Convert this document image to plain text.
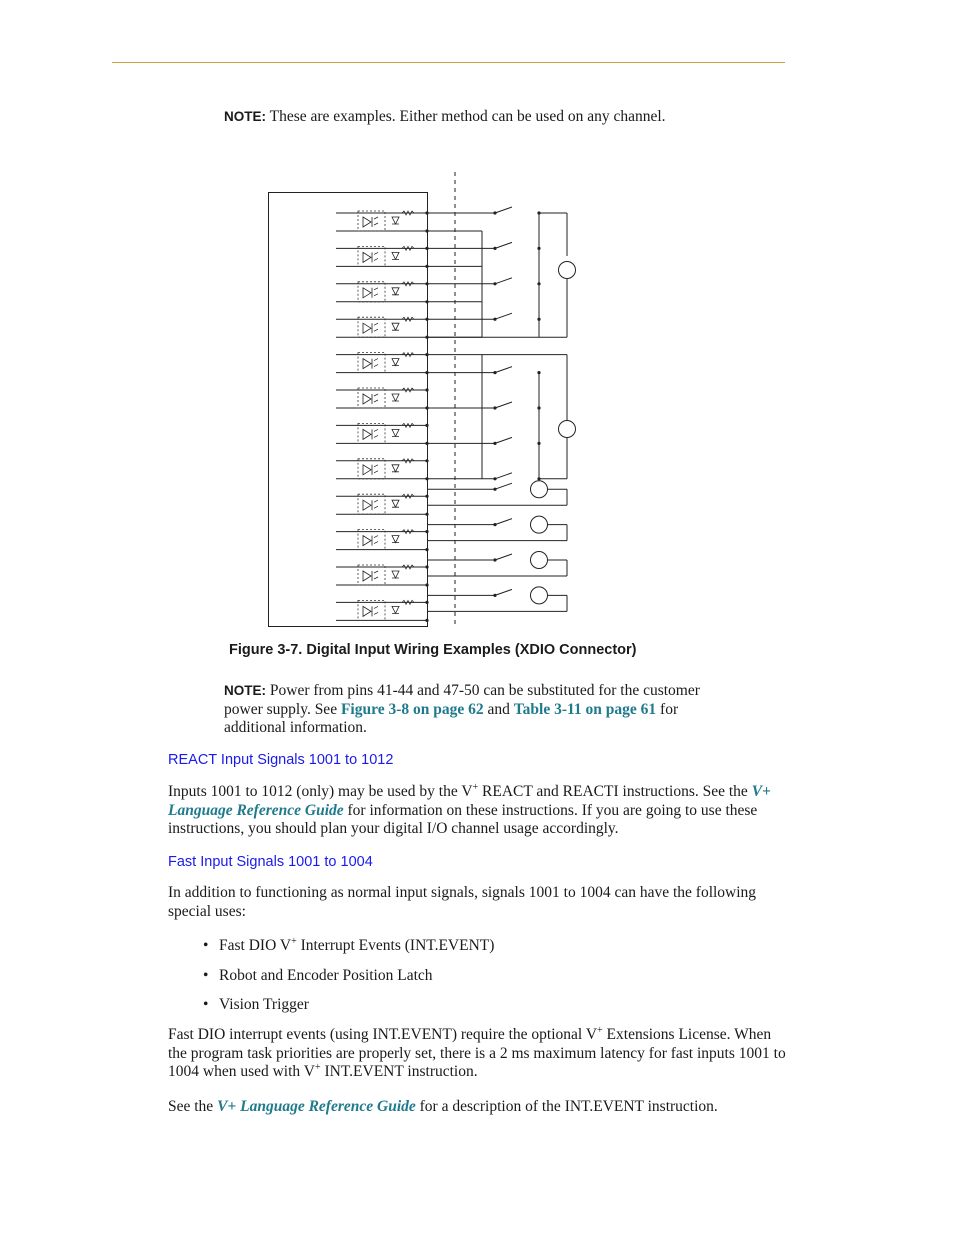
NOTE: These are examples. Either method can be used on any channel.
Figure 3-7. Digital Input Wiring Examples (XDIO Connector)
NOTE: Power from pins 41-44 and 47-50 can be substituted for the customer power supply. See Figure 3-8 on page 62 and Table 3-11 on page 61 for additional information.
REACT Input Signals 1001 to 1012
Inputs 1001 to 1012 (only) may be used by the V+ REACT and REACTI instructions. See the V+ Language Reference Guide for information on these instructions. If you are going to use these instructions, you should plan your digital I/O channel usage accordingly.
Fast Input Signals 1001 to 1004
In addition to functioning as normal input signals, signals 1001 to 1004 can have the following special uses:
• Fast DIO V+ Interrupt Events (INT.EVENT)
• Robot and Encoder Position Latch
• Vision Trigger
Fast DIO interrupt events (using INT.EVENT) require the optional V+ Extensions License. When the program task priorities are properly set, there is a 2 ms maximum latency for fast inputs 1001 to 1004 when used with V+ INT.EVENT instruction.
See the V+ Language Reference Guide for a description of the INT.EVENT instruction.
